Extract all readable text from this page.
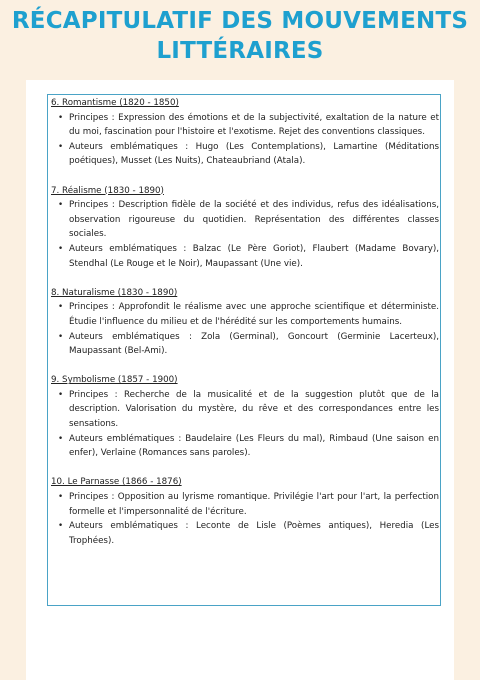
RÉCAPITULATIF DES MOUVEMENTS
LITTÉRAIRES
6. Romantisme (1820 - 1850)
• Principes : Expression des émotions et de la subjectivité, exaltation de la nature et du moi, fascination pour l'histoire et l'exotisme. Rejet des conventions classiques.
• Auteurs emblématiques : Hugo (Les Contemplations), Lamartine (Méditations poétiques), Musset (Les Nuits), Chateaubriand (Atala).
7. Réalisme (1830 - 1890)
• Principes : Description fidèle de la société et des individus, refus des idéalisations, observation rigoureuse du quotidien. Représentation des différentes classes sociales.
• Auteurs emblématiques : Balzac (Le Père Goriot), Flaubert (Madame Bovary), Stendhal (Le Rouge et le Noir), Maupassant (Une vie).
8. Naturalisme (1830 - 1890)
• Principes : Approfondit le réalisme avec une approche scientifique et déterministe. Étudie l'influence du milieu et de l'hérédité sur les comportements humains.
• Auteurs emblématiques : Zola (Germinal), Goncourt (Germinie Lacerteux), Maupassant (Bel-Ami).
9. Symbolisme (1857 - 1900)
• Principes : Recherche de la musicalité et de la suggestion plutôt que de la description. Valorisation du mystère, du rêve et des correspondances entre les sensations.
• Auteurs emblématiques : Baudelaire (Les Fleurs du mal), Rimbaud (Une saison en enfer), Verlaine (Romances sans paroles).
10. Le Parnasse (1866 - 1876)
• Principes : Opposition au lyrisme romantique. Privilégie l'art pour l'art, la perfection formelle et l'impersonnalité de l'écriture.
• Auteurs emblématiques : Leconte de Lisle (Poèmes antiques), Heredia (Les Trophées).
